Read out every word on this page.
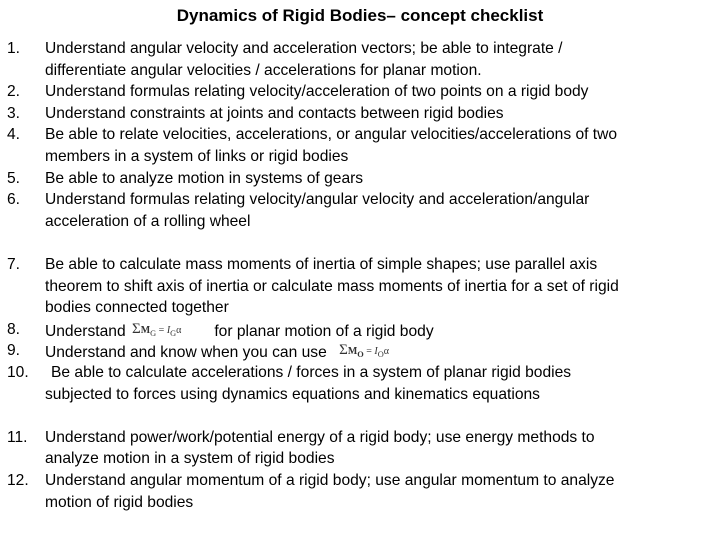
Dynamics of Rigid Bodies– concept checklist
1. Understand angular velocity and acceleration vectors; be able to integrate /
differentiate angular velocities / accelerations for planar motion.
2. Understand formulas relating velocity/acceleration of two points on a rigid body
3. Understand constraints at joints and contacts between rigid bodies
4. Be able to relate velocities, accelerations, or angular velocities/accelerations of two
members in a system of links or rigid bodies
5. Be able to analyze motion in systems of gears
6. Understand formulas relating velocity/angular velocity and acceleration/angular
acceleration of a rolling wheel
7. Be able to calculate mass moments of inertia of simple shapes; use parallel axis
theorem to shift axis of inertia or calculate mass moments of inertia for a set of rigid
bodies connected together
8. Understand $\Sigma M_G = I_G\alpha$ for planar motion of a rigid body
9. Understand and know when you can use $\Sigma M_O = I_O\alpha$
10. Be able to calculate accelerations / forces in a system of planar rigid bodies
subjected to forces using dynamics equations and kinematics equations
11. Understand power/work/potential energy of a rigid body; use energy methods to
analyze motion in a system of rigid bodies
12. Understand angular momentum of a rigid body; use angular momentum to analyze
motion of rigid bodies
